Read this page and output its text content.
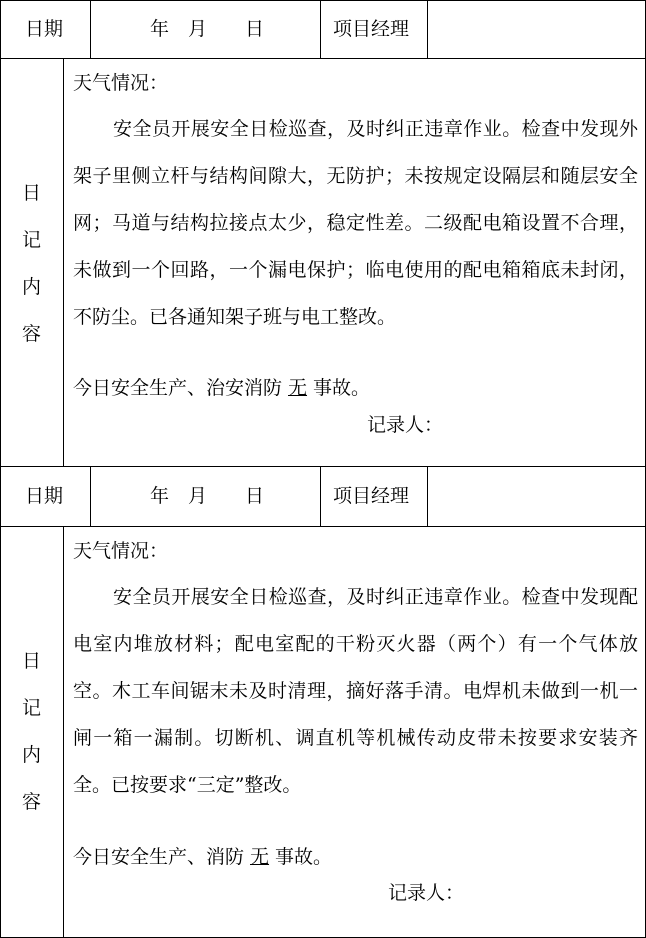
日期	年　月　　日	项目经理
日
记
内
容
天气情况：

安全员开展安全日检巡查，及时纠正违章作业。检查中发现外架子里侧立杆与结构间隙大，无防护；未按规定设隔层和随层安全网；马道与结构拉接点太少，稳定性差。二级配电箱设置不合理，未做到一个回路，一个漏电保护；临电使用的配电箱箱底未封闭，不防尘。已各通知架子班与电工整改。

今日安全生产、治安消防 无 事故。
记录人：
日期	年　月　　日	项目经理
日
记
内
容
天气情况：

安全员开展安全日检巡查，及时纠正违章作业。检查中发现配电室内堆放材料；配电室配的干粉灭火器（两个）有一个气体放空。木工车间锯末未及时清理，摘好落手清。电焊机未做到一机一闸一箱一漏制。切断机、调直机等机械传动皮带未按要求安装齐全。已按要求“三定”整改。

今日安全生产、消防 无 事故。
记录人：
